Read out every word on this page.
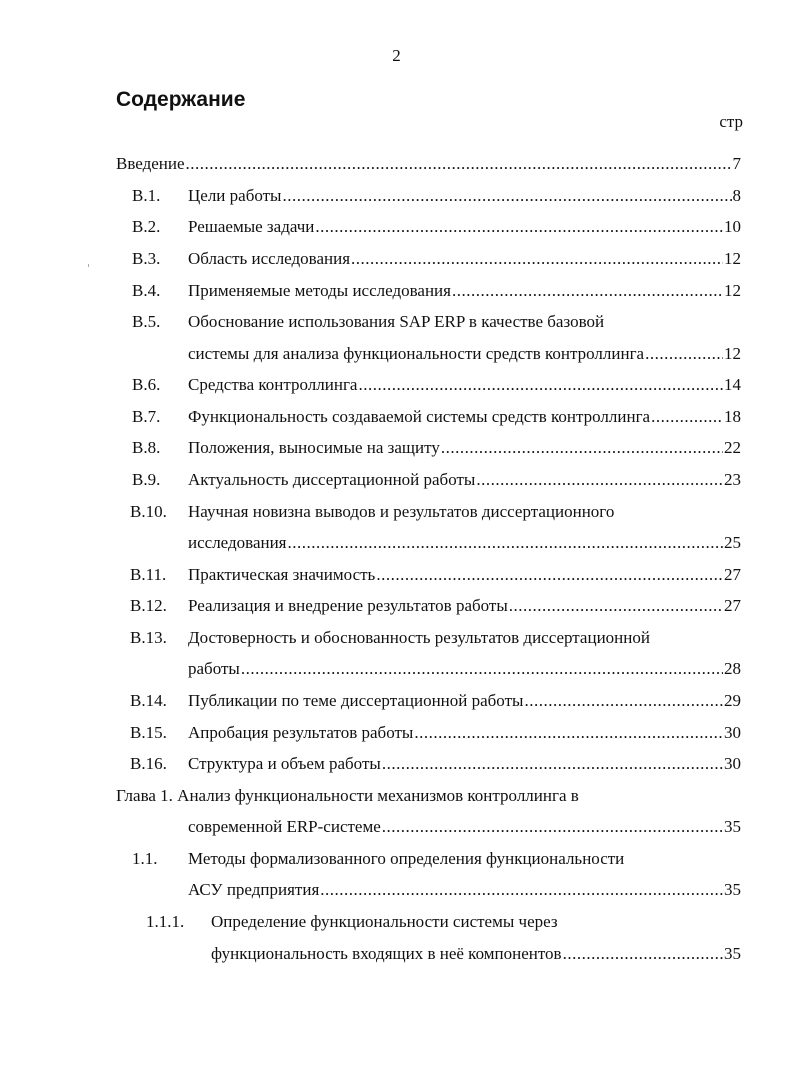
2
Содержание
стр
Введение .....	7
В.1. Цели работы .....	8
В.2. Решаемые задачи .....	10
В.3. Область исследования .....	12
В.4. Применяемые методы исследования .....	12
В.5. Обоснование использования SAP ERP в качестве базовой
системы для анализа функциональности средств контроллинга .....	12
В.6. Средства контроллинга .....	14
В.7. Функциональность создаваемой системы средств контроллинга .....	18
В.8. Положения, выносимые на защиту .....	22
В.9. Актуальность диссертационной работы .....	23
В.10. Научная новизна выводов и результатов диссертационного
исследования .....	25
В.11. Практическая значимость .....	27
В.12. Реализация и внедрение результатов работы .....	27
В.13. Достоверность и обоснованность результатов диссертационной
работы .....	28
В.14. Публикации по теме диссертационной работы .....	29
В.15. Апробация результатов работы .....	30
В.16. Структура и объем работы .....	30
Глава 1. Анализ функциональности механизмов контроллинга в
современной ERP-системе .....	35
1.1. Методы формализованного определения функциональности
АСУ предприятия .....	35
1.1.1. Определение функциональности системы через
функциональность входящих в неё компонентов .....	35
